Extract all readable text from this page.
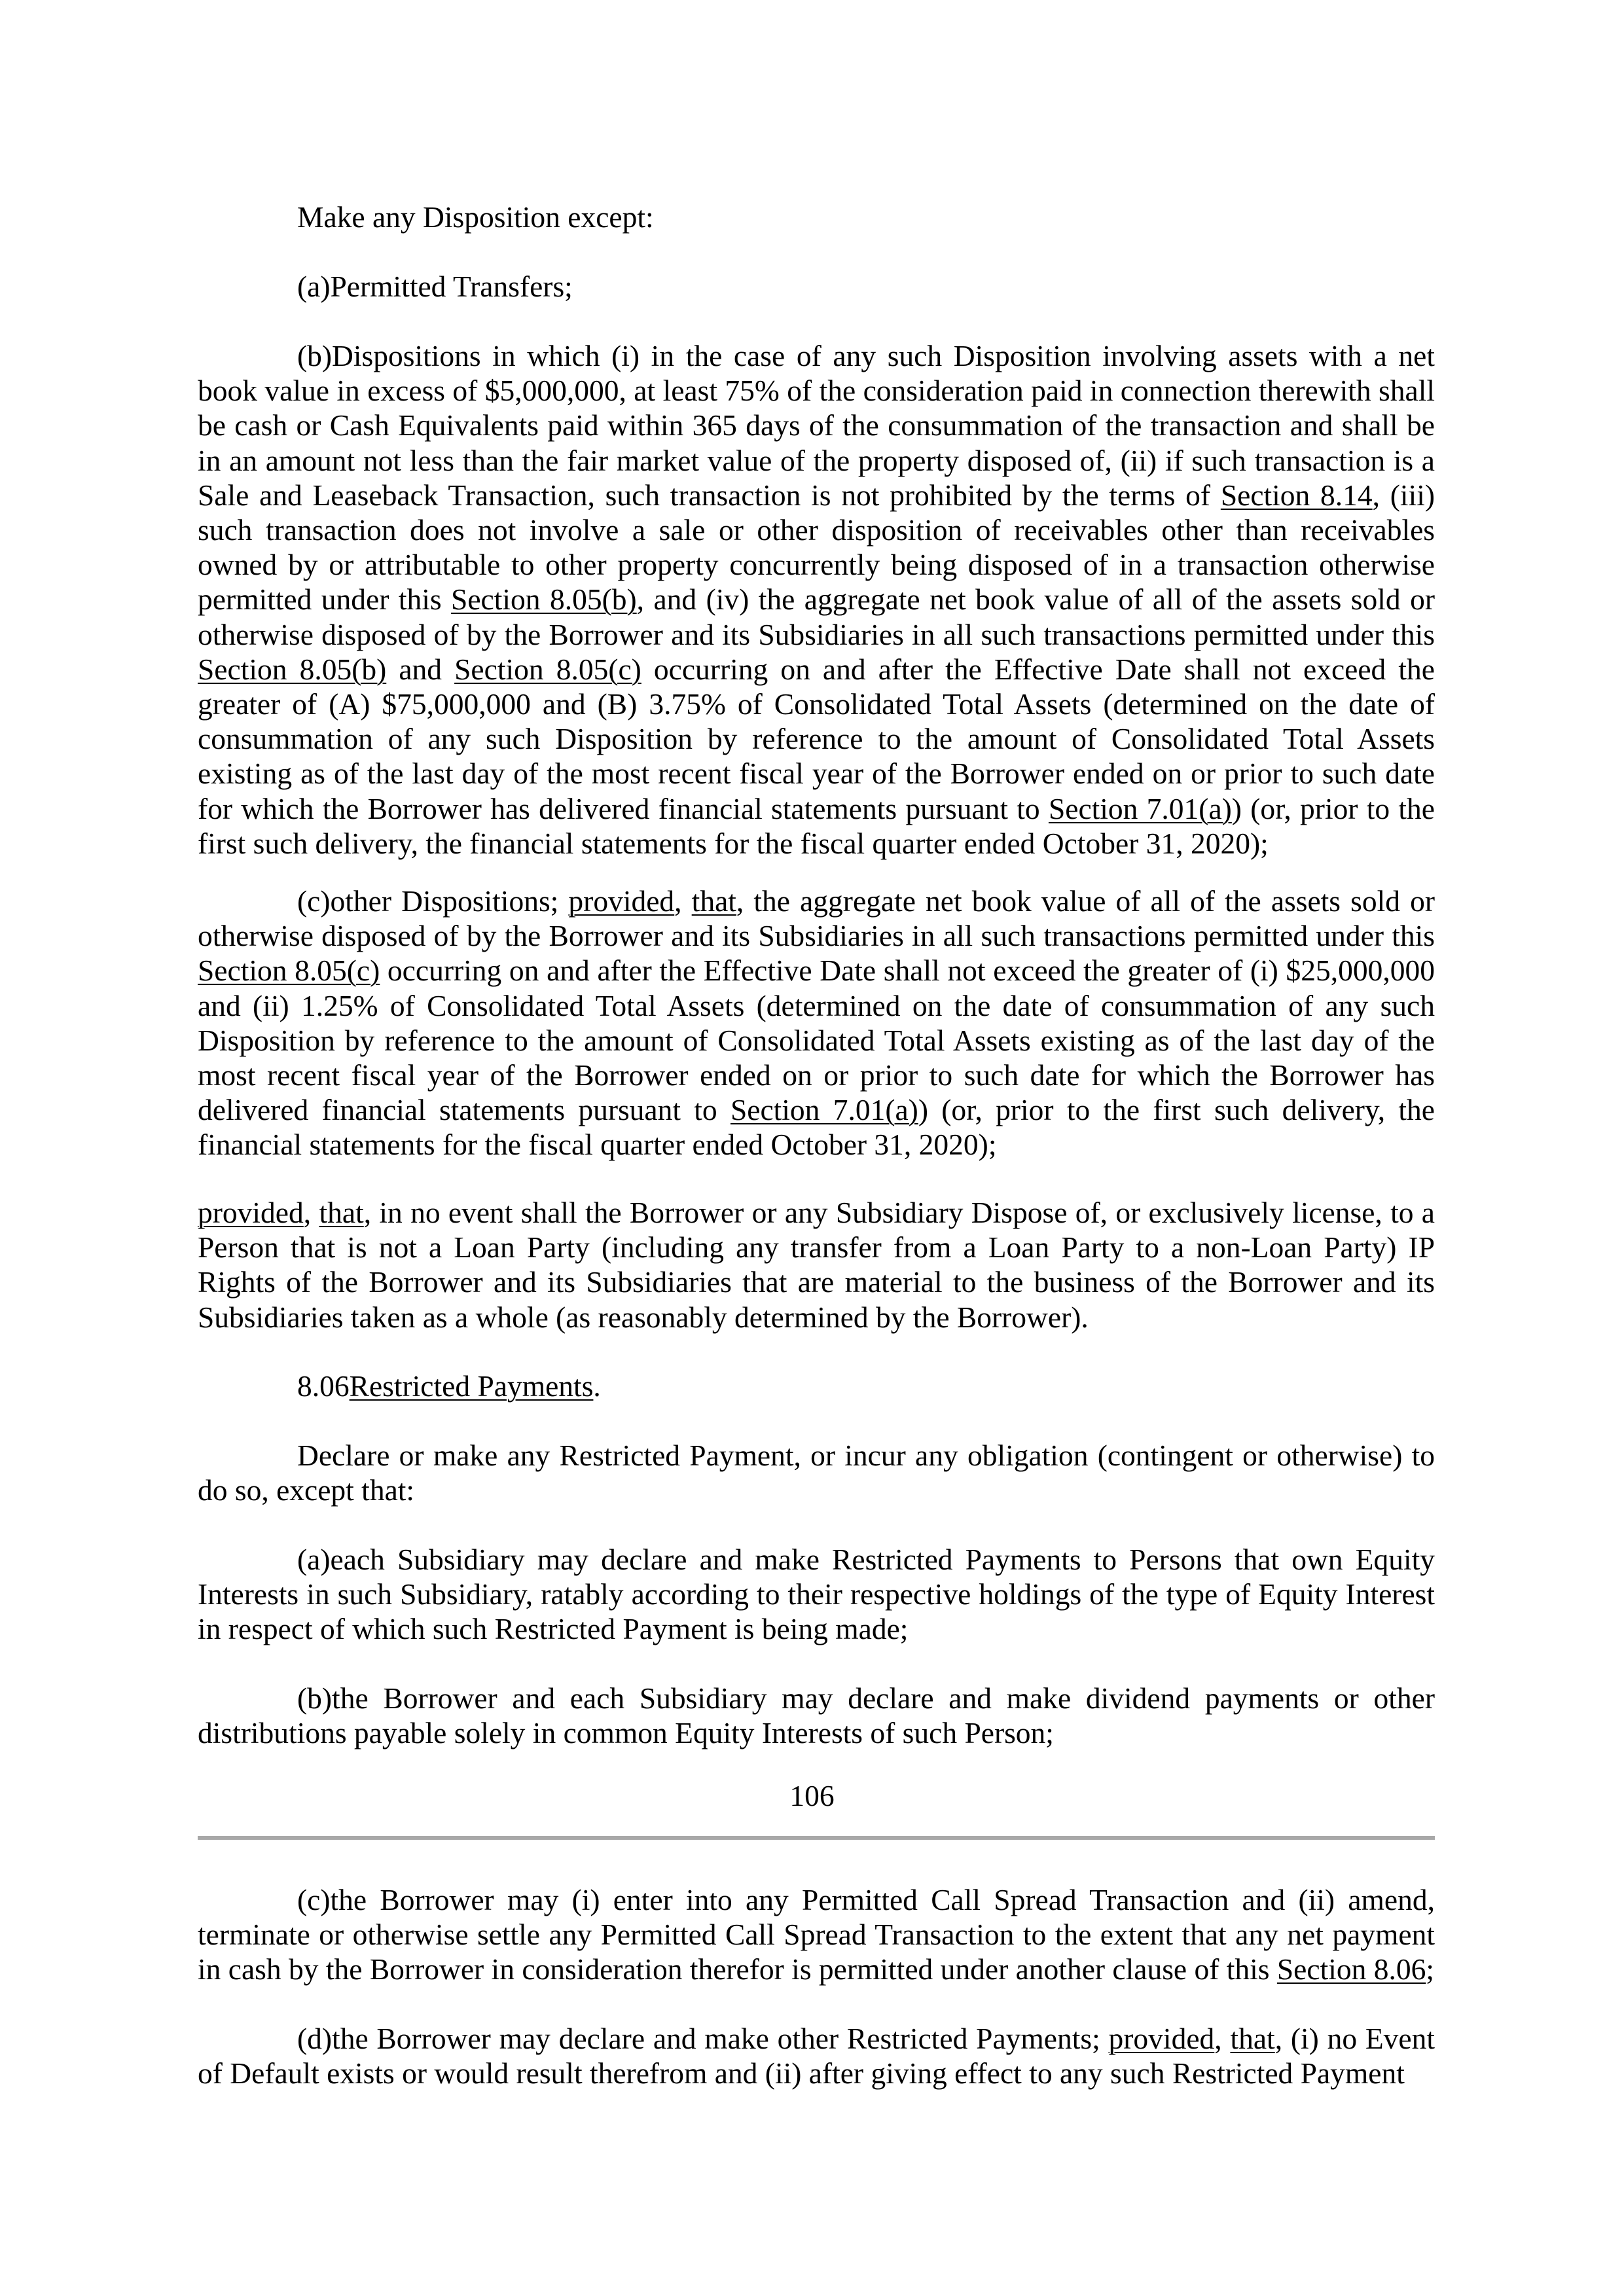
Make any Disposition except:

(a)Permitted Transfers;

(b)Dispositions in which (i) in the case of any such Disposition involving assets with a net book value in excess of $5,000,000, at least 75% of the consideration paid in connection therewith shall be cash or Cash Equivalents paid within 365 days of the consummation of the transaction and shall be in an amount not less than the fair market value of the property disposed of, (ii) if such transaction is a Sale and Leaseback Transaction, such transaction is not prohibited by the terms of Section 8.14, (iii) such transaction does not involve a sale or other disposition of receivables other than receivables owned by or attributable to other property concurrently being disposed of in a transaction otherwise permitted under this Section 8.05(b), and (iv) the aggregate net book value of all of the assets sold or otherwise disposed of by the Borrower and its Subsidiaries in all such transactions permitted under this Section 8.05(b) and Section 8.05(c) occurring on and after the Effective Date shall not exceed the greater of (A) $75,000,000 and (B) 3.75% of Consolidated Total Assets (determined on the date of consummation of any such Disposition by reference to the amount of Consolidated Total Assets existing as of the last day of the most recent fiscal year of the Borrower ended on or prior to such date for which the Borrower has delivered financial statements pursuant to Section 7.01(a)) (or, prior to the first such delivery, the financial statements for the fiscal quarter ended October 31, 2020);

(c)other Dispositions; provided, that, the aggregate net book value of all of the assets sold or otherwise disposed of by the Borrower and its Subsidiaries in all such transactions permitted under this Section 8.05(c) occurring on and after the Effective Date shall not exceed the greater of (i) $25,000,000 and (ii) 1.25% of Consolidated Total Assets (determined on the date of consummation of any such Disposition by reference to the amount of Consolidated Total Assets existing as of the last day of the most recent fiscal year of the Borrower ended on or prior to such date for which the Borrower has delivered financial statements pursuant to Section 7.01(a)) (or, prior to the first such delivery, the financial statements for the fiscal quarter ended October 31, 2020);

provided, that, in no event shall the Borrower or any Subsidiary Dispose of, or exclusively license, to a Person that is not a Loan Party (including any transfer from a Loan Party to a non-Loan Party) IP Rights of the Borrower and its Subsidiaries that are material to the business of the Borrower and its Subsidiaries taken as a whole (as reasonably determined by the Borrower).

8.06Restricted Payments.

Declare or make any Restricted Payment, or incur any obligation (contingent or otherwise) to do so, except that:

(a)each Subsidiary may declare and make Restricted Payments to Persons that own Equity Interests in such Subsidiary, ratably according to their respective holdings of the type of Equity Interest in respect of which such Restricted Payment is being made;

(b)the Borrower and each Subsidiary may declare and make dividend payments or other distributions payable solely in common Equity Interests of such Person;

106

(c)the Borrower may (i) enter into any Permitted Call Spread Transaction and (ii) amend, terminate or otherwise settle any Permitted Call Spread Transaction to the extent that any net payment in cash by the Borrower in consideration therefor is permitted under another clause of this Section 8.06;

(d)the Borrower may declare and make other Restricted Payments; provided, that, (i) no Event of Default exists or would result therefrom and (ii) after giving effect to any such Restricted Payment
